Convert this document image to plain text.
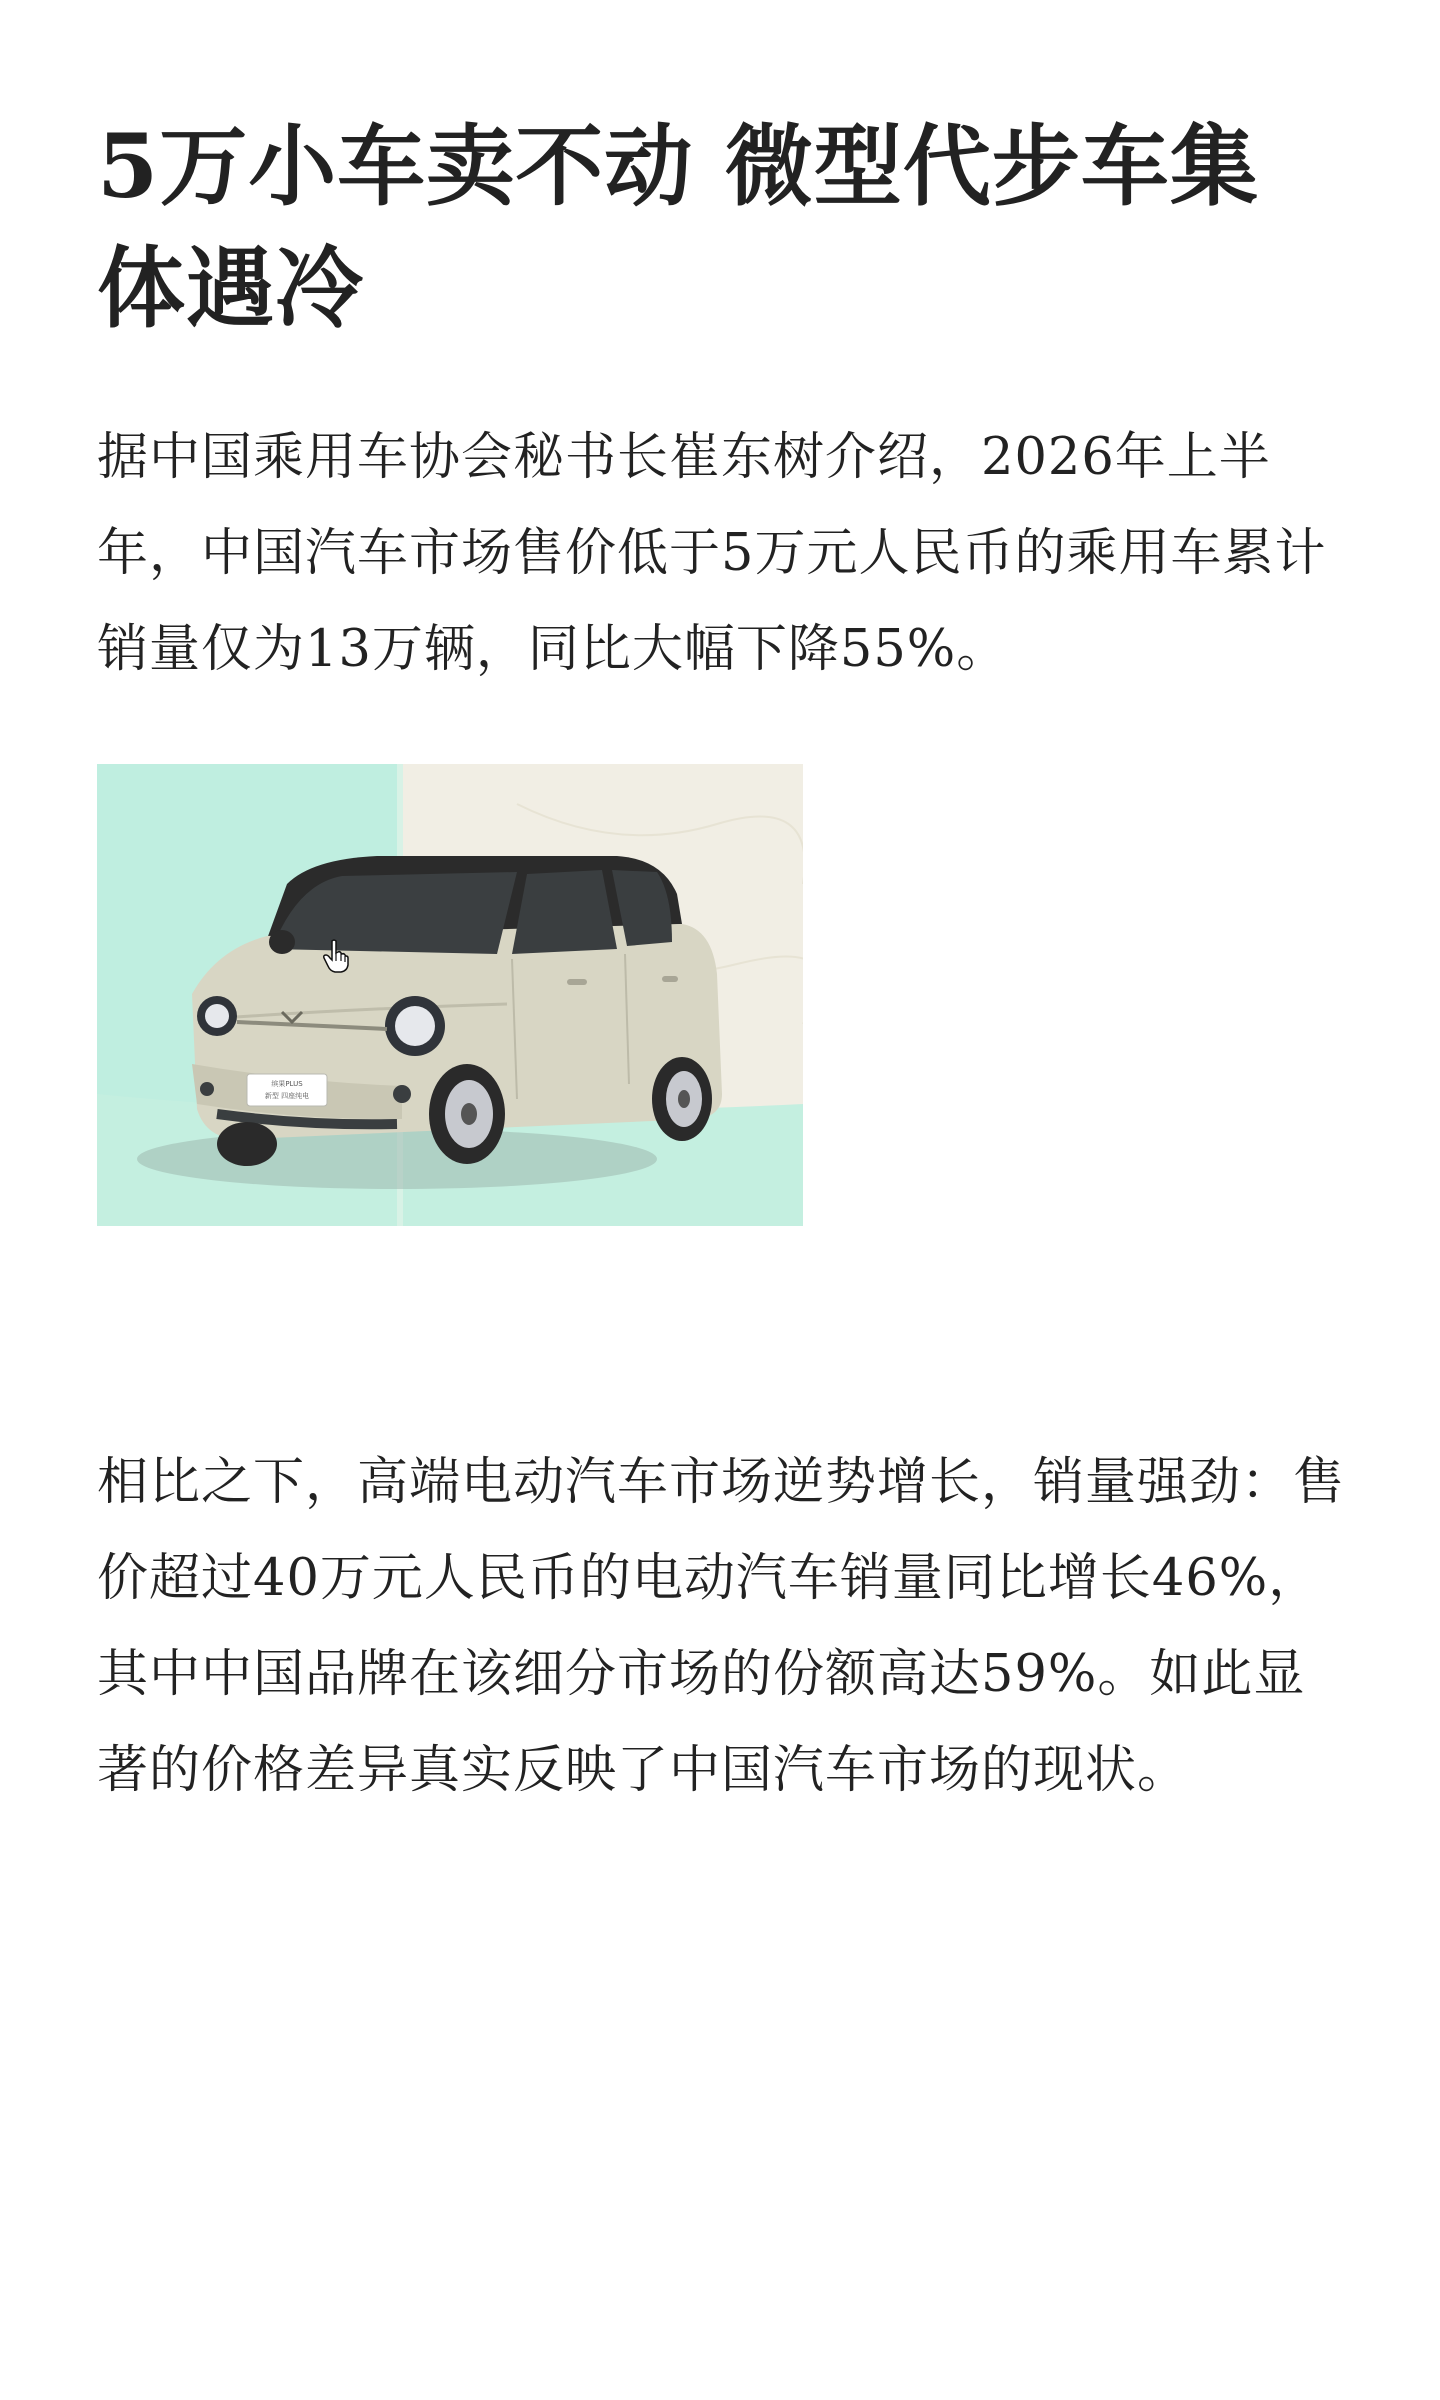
5万小车卖不动 微型代步车集体遇冷

据中国乘用车协会秘书长崔东树介绍，2026年上半年，中国汽车市场售价低于5万元人民币的乘用车累计销量仅为13万辆，同比大幅下降55%。

缤果PLUS
新型 四座纯电

相比之下，高端电动汽车市场逆势增长，销量强劲：售价超过40万元人民币的电动汽车销量同比增长46%，其中中国品牌在该细分市场的份额高达59%。如此显著的价格差异真实反映了中国汽车市场的现状。
